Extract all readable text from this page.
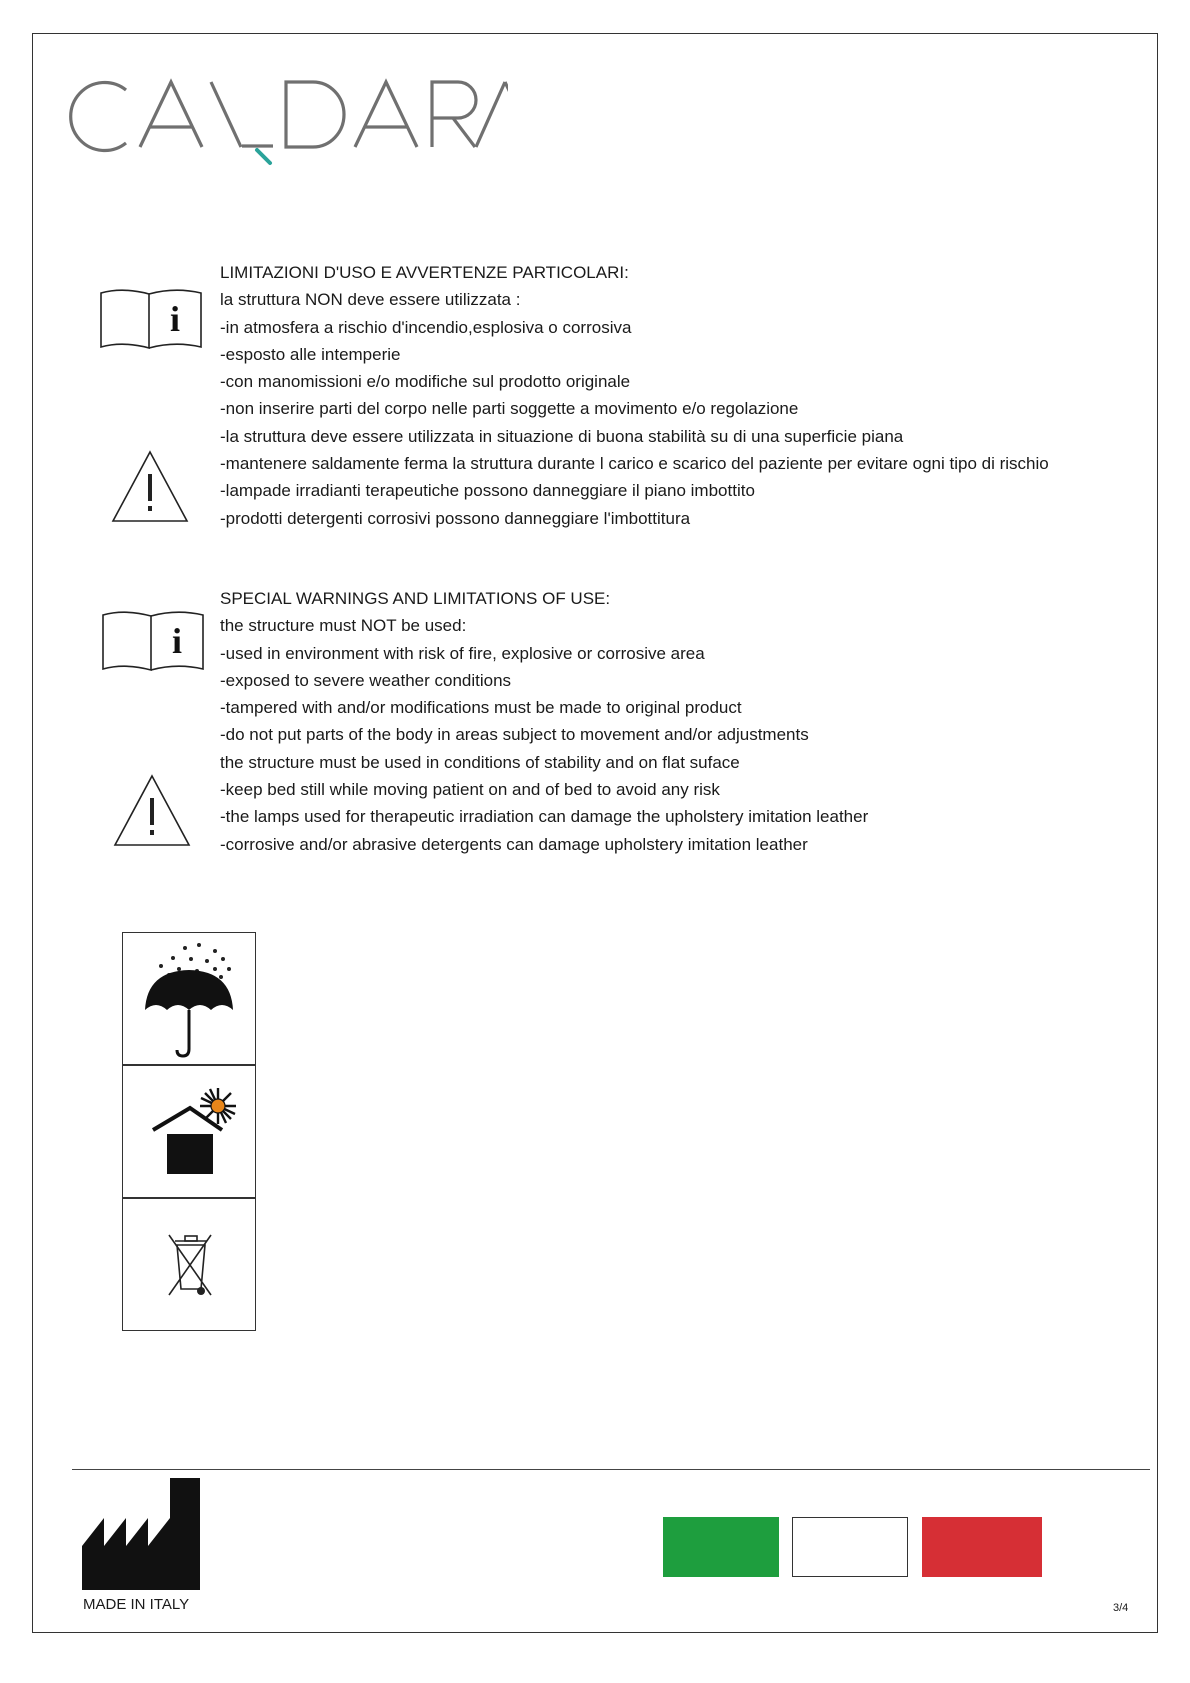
i

LIMITAZIONI D'USO E AVVERTENZE PARTICOLARI:

la struttura NON deve essere utilizzata :

-in atmosfera a rischio d'incendio,esplosiva o corrosiva

-esposto alle intemperie

-con manomissioni e/o modifiche sul prodotto originale

-non inserire parti del corpo nelle parti soggette a movimento e/o regolazione

-la struttura deve essere utilizzata in situazione di buona stabilità su di una superficie piana

-mantenere saldamente ferma la struttura durante l carico e scarico del paziente per evitare ogni tipo di rischio

-lampade irradianti terapeutiche possono danneggiare il piano imbottito

-prodotti detergenti corrosivi possono danneggiare l'imbottitura

i

SPECIAL WARNINGS AND LIMITATIONS OF USE:

the structure must NOT be used:

-used in environment with risk of fire, explosive or corrosive area

-exposed to severe weather conditions

-tampered with and/or modifications must be made to original product

-do not put parts of the body in areas subject to movement and/or adjustments

the structure must be used in conditions of stability and on flat suface

-keep bed still while moving patient on and of bed to avoid any risk

-the lamps used for therapeutic irradiation can damage the upholstery imitation leather

-corrosive and/or abrasive detergents can damage upholstery imitation leather

MADE IN ITALY	3/4
